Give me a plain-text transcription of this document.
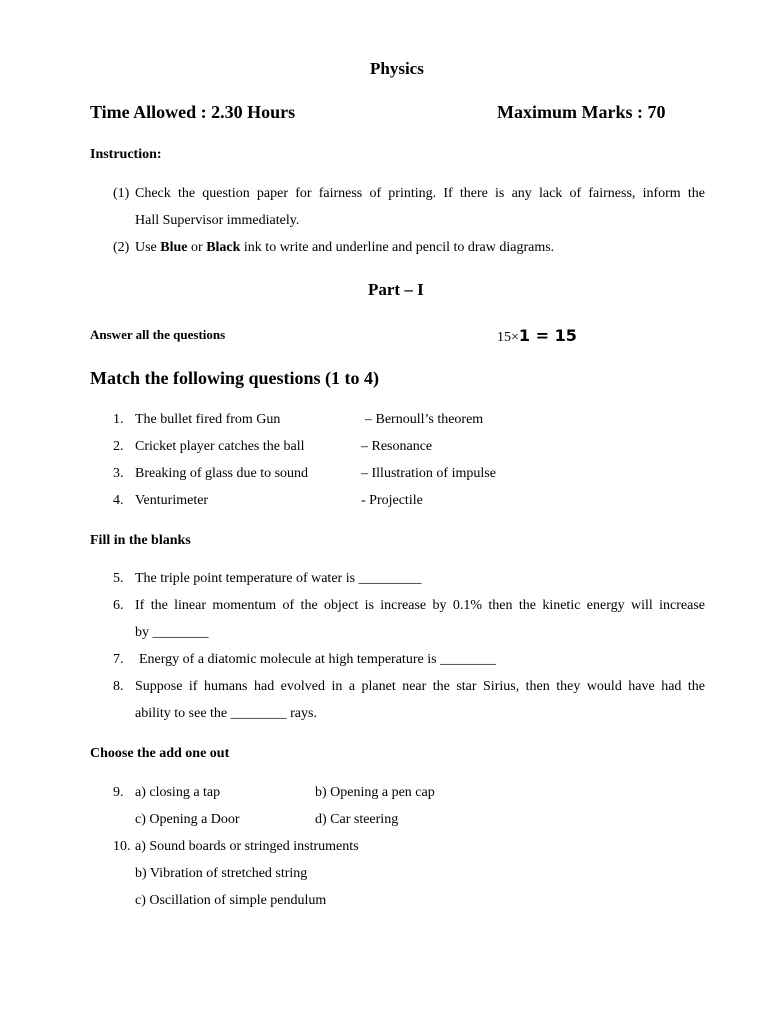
Physics
Time Allowed : 2.30 Hours	Maximum Marks : 70
Instruction:
(1) Check the question paper for fairness of printing. If there is any lack of fairness, inform the
Hall Supervisor immediately.
(2) Use Blue or Black ink to write and underline and pencil to draw diagrams.
Part – I
Answer all the questions	15×1 = 15
Match the following questions (1 to 4)
1. The bullet fired from Gun	– Bernoull’s theorem
2. Cricket player catches the ball	– Resonance
3. Breaking of glass due to sound	– Illustration of impulse
4. Venturimeter	- Projectile
Fill in the blanks
5. The triple point temperature of water is _________
6. If the linear momentum of the object is increase by 0.1% then the kinetic energy will increase
by ________
7. Energy of a diatomic molecule at high temperature is ________
8. Suppose if humans had evolved in a planet near the star Sirius, then they would have had the
ability to see the ________ rays.
Choose the add one out
9. a) closing a tap	b) Opening a pen cap
c) Opening a Door	d) Car steering
10. a) Sound boards or stringed instruments
b) Vibration of stretched string
c) Oscillation of simple pendulum
